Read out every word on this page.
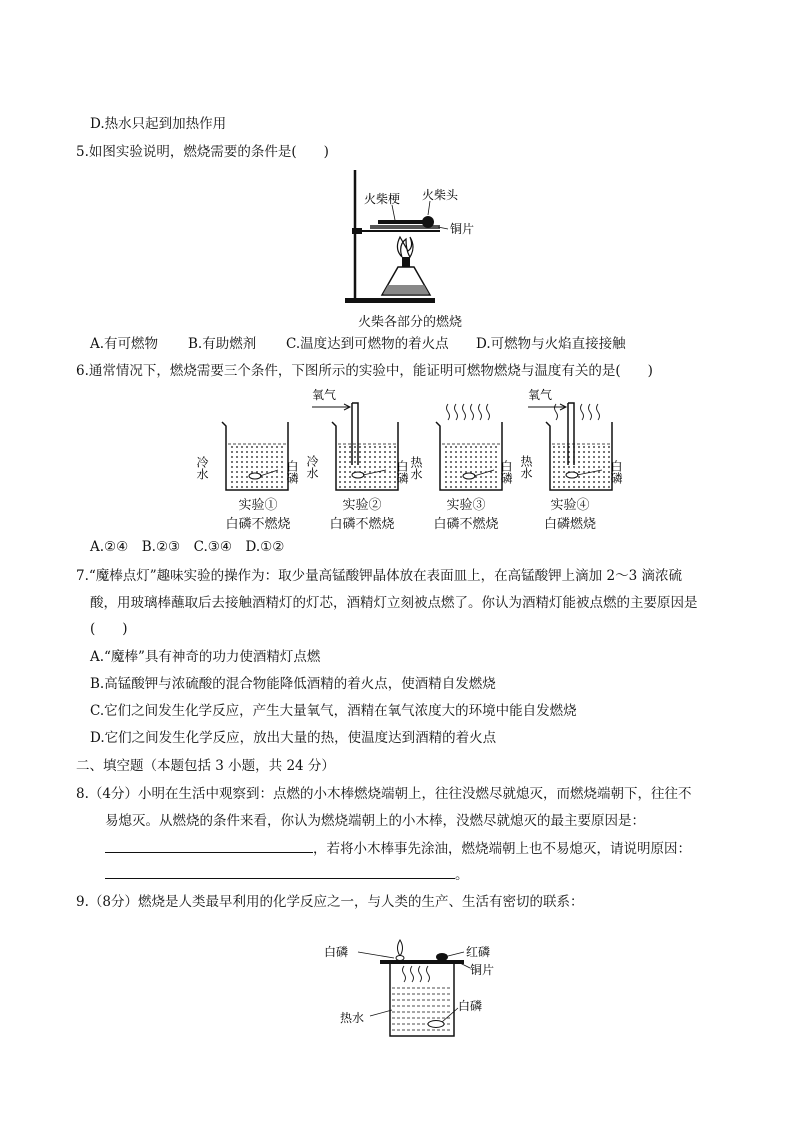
D.热水只起到加热作用
5.如图实验说明，燃烧需要的条件是(　　)
火柴梗 火柴头
铜片
火柴各部分的燃烧
A.有可燃物 B.有助燃剂 C.温度达到可燃物的着火点 D.可燃物与火焰直接接触
6.通常情况下，燃烧需要三个条件，下图所示的实验中，能证明可燃物燃烧与温度有关的是(　　)
冷水	白磷
氧气
冷水	白磷 热水	白磷
氧气
热水	白磷
实验①
白磷不燃烧
实验②
白磷不燃烧
实验③
白磷不燃烧
实验④
白磷燃烧
A.②④　B.②③　C.③④　D.①②
7.“魔棒点灯”趣味实验的操作为：取少量高锰酸钾晶体放在表面皿上，在高锰酸钾上滴加 2～3 滴浓硫
酸，用玻璃棒蘸取后去接触酒精灯的灯芯，酒精灯立刻被点燃了。你认为酒精灯能被点燃的主要原因是
(　　)
A.“魔棒”具有神奇的功力使酒精灯点燃
B.高锰酸钾与浓硫酸的混合物能降低酒精的着火点，使酒精自发燃烧
C.它们之间发生化学反应，产生大量氧气，酒精在氧气浓度大的环境中能自发燃烧
D.它们之间发生化学反应，放出大量的热，使温度达到酒精的着火点
二、填空题（本题包括 3 小题，共 24 分）
8.（4分）小明在生活中观察到：点燃的小木棒燃烧端朝上，往往没燃尽就熄灭，而燃烧端朝下，往往不
易熄灭。从燃烧的条件来看，你认为燃烧端朝上的小木棒，没燃尽就熄灭的最主要原因是：
，若将小木棒事先涂油，燃烧端朝上也不易熄灭，请说明原因：
。
9.（8分）燃烧是人类最早利用的化学反应之一，与人类的生产、生活有密切的联系：
白磷	红磷
铜片
白磷
热水
